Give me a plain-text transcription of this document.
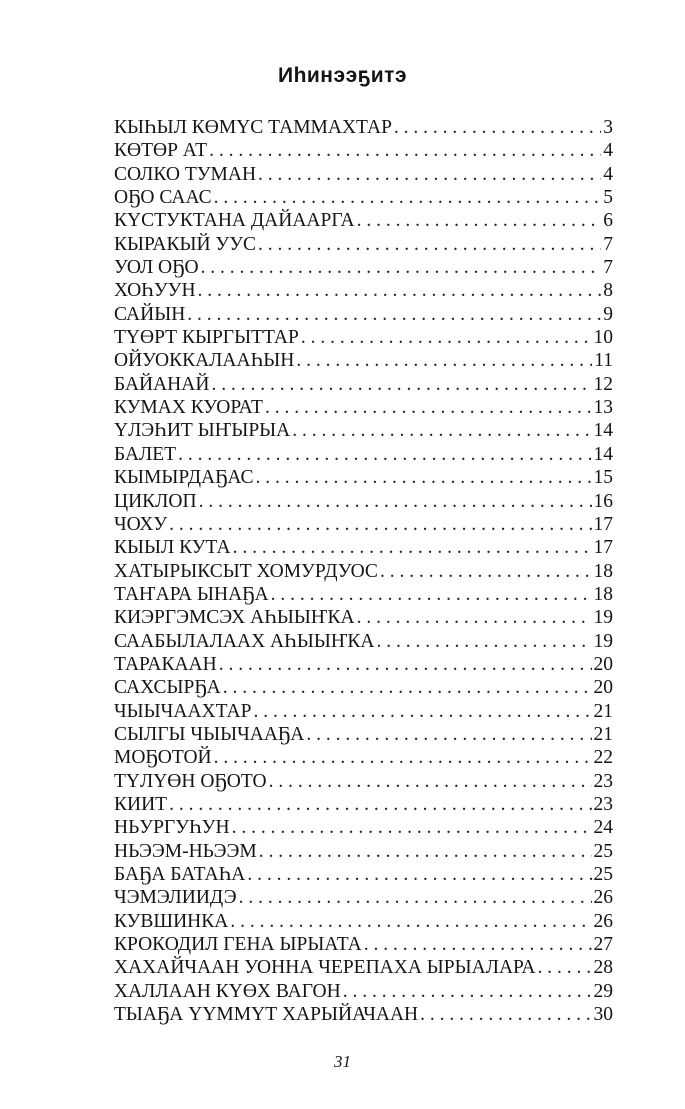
Иһинээҕитэ
КЫҺЫЛ КӨМҮС ТАММАХТАР . . .	3
КӨТӨР АТ . . .	4
СОЛКО ТУМАН . . .	4
ОҔО СААС . . .	5
КҮСТУКТАНА ДАЙААРГА . . .	6
КЫРАКЫЙ УУС . . .	7
УОЛ ОҔО . . .	7
ХОҺУУН . . .	8
САЙЫН . . .	9
ТҮӨРТ КЫРГЫТТАР . . .	10
ОЙУОККАЛААҺЫН . . .	11
БАЙАНАЙ . . .	12
КУМАХ КУОРАТ . . .	13
ҮЛЭҺИТ ЫҤЫРЫА . . .	14
БАЛЕТ . . .	14
КЫМЫРДАҔАС . . .	15
ЦИКЛОП . . .	16
ЧОХУ . . .	17
КЫЫЛ КУТА . . .	17
ХАТЫРЫКСЫТ ХОМУРДУОС . . .	18
ТАҤАРА ЫНАҔА . . .	18
КИЭРГЭМСЭХ АҺЫЫҤКА . . .	19
СААБЫЛАЛААХ АҺЫЫҤКА . . .	19
ТАРАКААН . . .	20
САХСЫРҔА . . .	20
ЧЫЫЧААХТАР . . .	21
СЫЛГЫ ЧЫЫЧААҔА . . .	21
МОҔОТОЙ . . .	22
ТҮЛҮӨН ОҔОТО . . .	23
КИИТ . . .	23
НЬУРГУҺУН . . .	24
НЬЭЭМ-НЬЭЭМ . . .	25
БАҔА БАТАҺА . . .	25
ЧЭМЭЛИИДЭ . . .	26
КУВШИНКА . . .	26
КРОКОДИЛ ГЕНА ЫРЫАТА . . .	27
ХАХАЙЧААН УОННА ЧЕРЕПАХА ЫРЫАЛАРА . . .	28
ХАЛЛААН КҮӨХ ВАГОН . . .	29
ТЫАҔА ҮҮММҮТ ХАРЫЙАЧААН . . .	30
31
